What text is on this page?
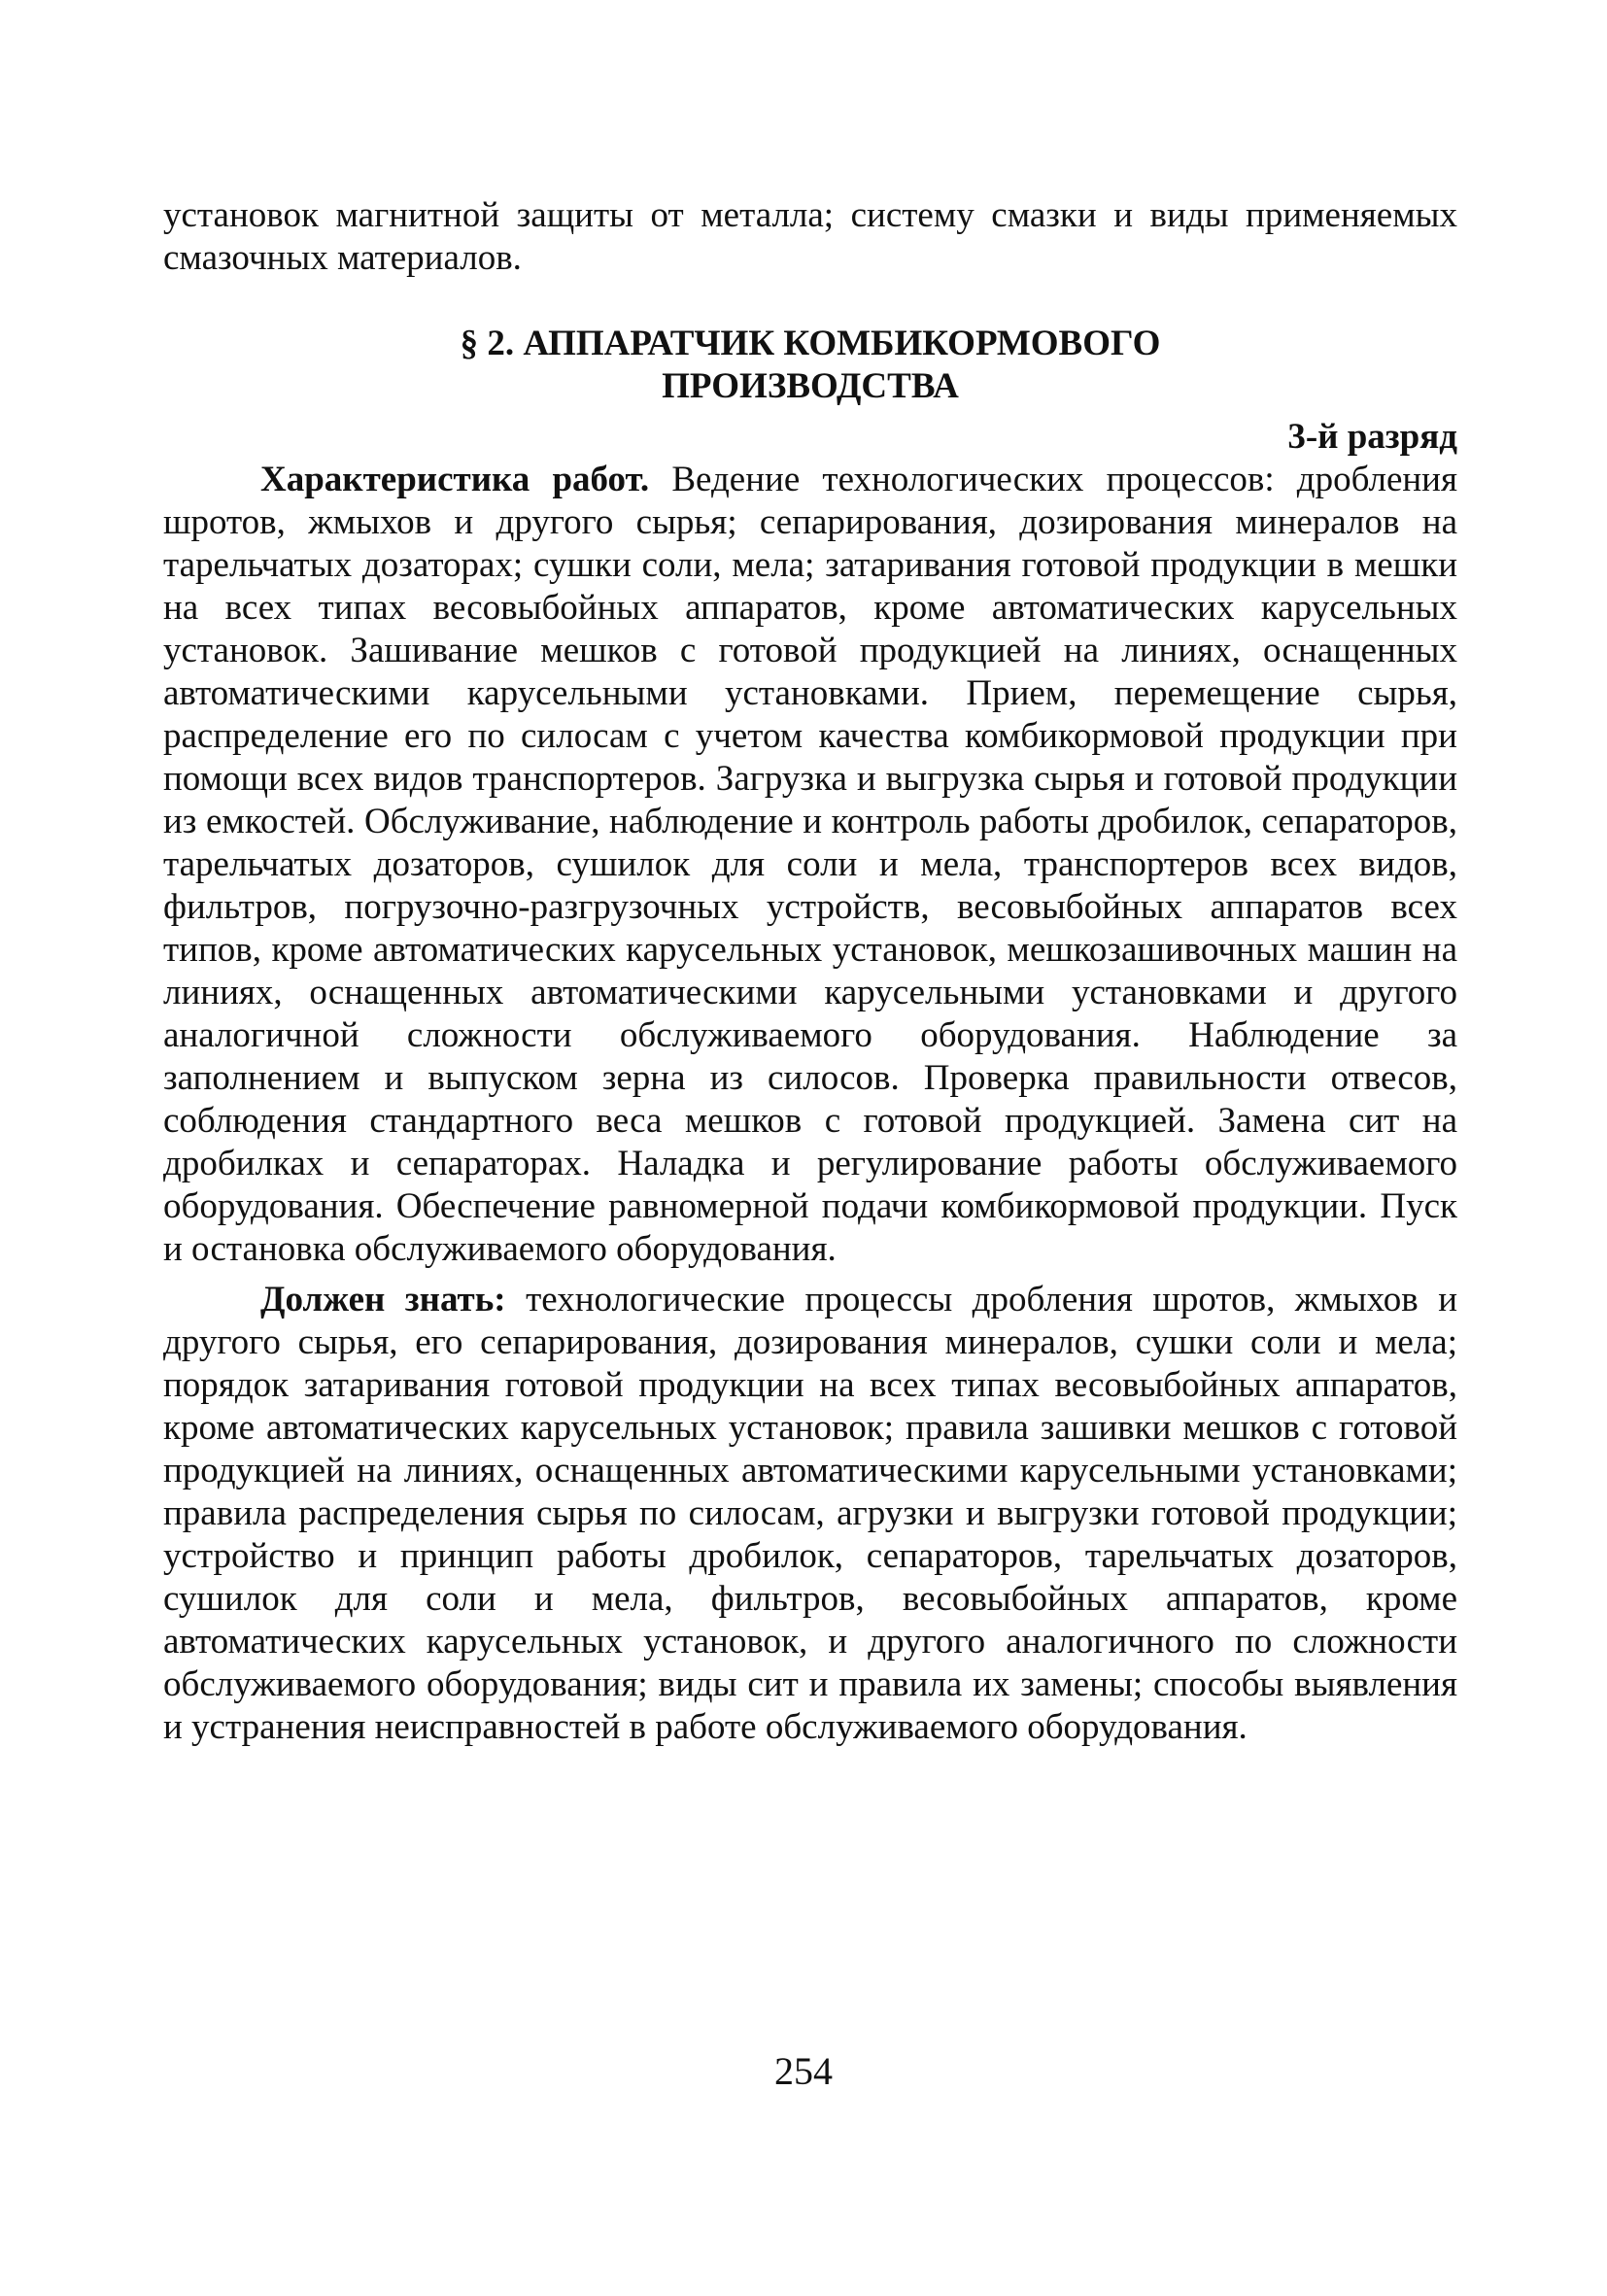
установок магнитной защиты от металла; систему смазки и виды применяемых смазочных материалов.

§ 2. АППАРАТЧИК КОМБИКОРМОВОГО
ПРОИЗВОДСТВА
3-й разряд

Характеристика работ. Ведение технологических процессов: дробления шротов, жмыхов и другого сырья; сепарирования, дозирования минералов на тарельчатых дозаторах; сушки соли, мела; затаривания готовой продукции в мешки на всех типах весовыбойных аппаратов, кроме автоматических карусельных установок. Зашивание мешков с готовой продукцией на линиях, оснащенных автоматическими карусельными установками. Прием, перемещение сырья, распределение его по силосам с учетом качества комбикормовой продукции при помощи всех видов транспортеров. Загрузка и выгрузка сырья и готовой продукции из емкостей. Обслуживание, наблюдение и контроль работы дробилок, сепараторов, тарельчатых дозаторов, сушилок для соли и мела, транспортеров всех видов, фильтров, погрузочно-разгрузочных устройств, весовыбойных аппаратов всех типов, кроме автоматических карусельных установок, мешкозашивочных машин на линиях, оснащенных автоматическими карусельными установками и другого аналогичной сложности обслуживаемого оборудования. Наблюдение за заполнением и выпуском зерна из силосов. Проверка правильности отвесов, соблюдения стандартного веса мешков с готовой продукцией. Замена сит на дробилках и сепараторах. Наладка и регулирование работы обслуживаемого оборудования. Обеспечение равномерной подачи комбикормовой продукции. Пуск и остановка обслуживаемого оборудования.

Должен знать: технологические процессы дробления шротов, жмыхов и другого сырья, его сепарирования, дозирования минералов, сушки соли и мела; порядок затаривания готовой продукции на всех типах весовыбойных аппаратов, кроме автоматических карусельных установок; правила зашивки мешков с готовой продукцией на линиях, оснащенных автоматическими карусельными установками; правила распределения сырья по силосам, агрузки и выгрузки готовой продукции; устройство и принцип работы дробилок, сепараторов, тарельчатых дозаторов, сушилок для соли и мела, фильтров, весовыбойных аппаратов, кроме автоматических карусельных установок, и другого аналогичного по сложности обслуживаемого оборудования; виды сит и правила их замены; способы выявления и устранения неисправностей в работе обслуживаемого оборудования.

254
